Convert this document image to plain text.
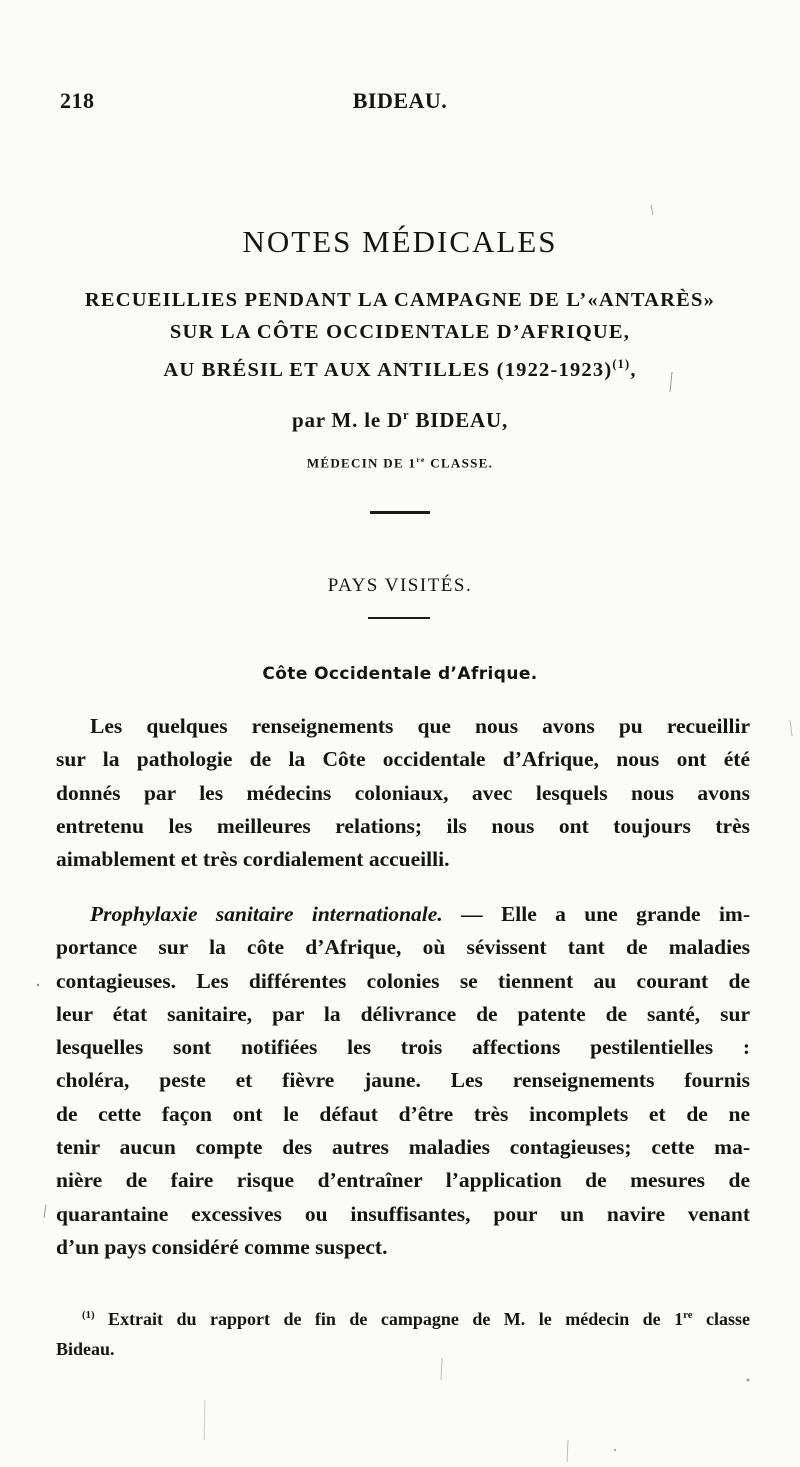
218	BIDEAU.
NOTES MÉDICALES
RECUEILLIES PENDANT LA CAMPAGNE DE L’«ANTARÈS»
SUR LA CÔTE OCCIDENTALE D’AFRIQUE,
AU BRÉSIL ET AUX ANTILLES (1922-1923)$^{(1)}$,
par M. le $D^r$ BIDEAU,
MÉDECIN DE 1re CLASSE.
PAYS VISITÉS.
Côte Occidentale d’Afrique.
Les quelques renseignements que nous avons pu recueillir
sur la pathologie de la Côte occidentale d’Afrique, nous ont été
donnés par les médecins coloniaux, avec lesquels nous avons
entretenu les meilleures relations; ils nous ont toujours très
aimablement et très cordialement accueilli.
Prophylaxie sanitaire internationale. — Elle a une grande im-
portance sur la côte d’Afrique, où sévissent tant de maladies
contagieuses. Les différentes colonies se tiennent au courant de
leur état sanitaire, par la délivrance de patente de santé, sur
lesquelles sont notifiées les trois affections pestilentielles :
choléra, peste et fièvre jaune. Les renseignements fournis
de cette façon ont le défaut d’être très incomplets et de ne
tenir aucun compte des autres maladies contagieuses; cette ma-
nière de faire risque d’entraîner l’application de mesures de
quarantaine excessives ou insuffisantes, pour un navire venant
d’un pays considéré comme suspect.
$^{(1)}$ Extrait du rapport de fin de campagne de M. le médecin de 1re classe
Bideau.
